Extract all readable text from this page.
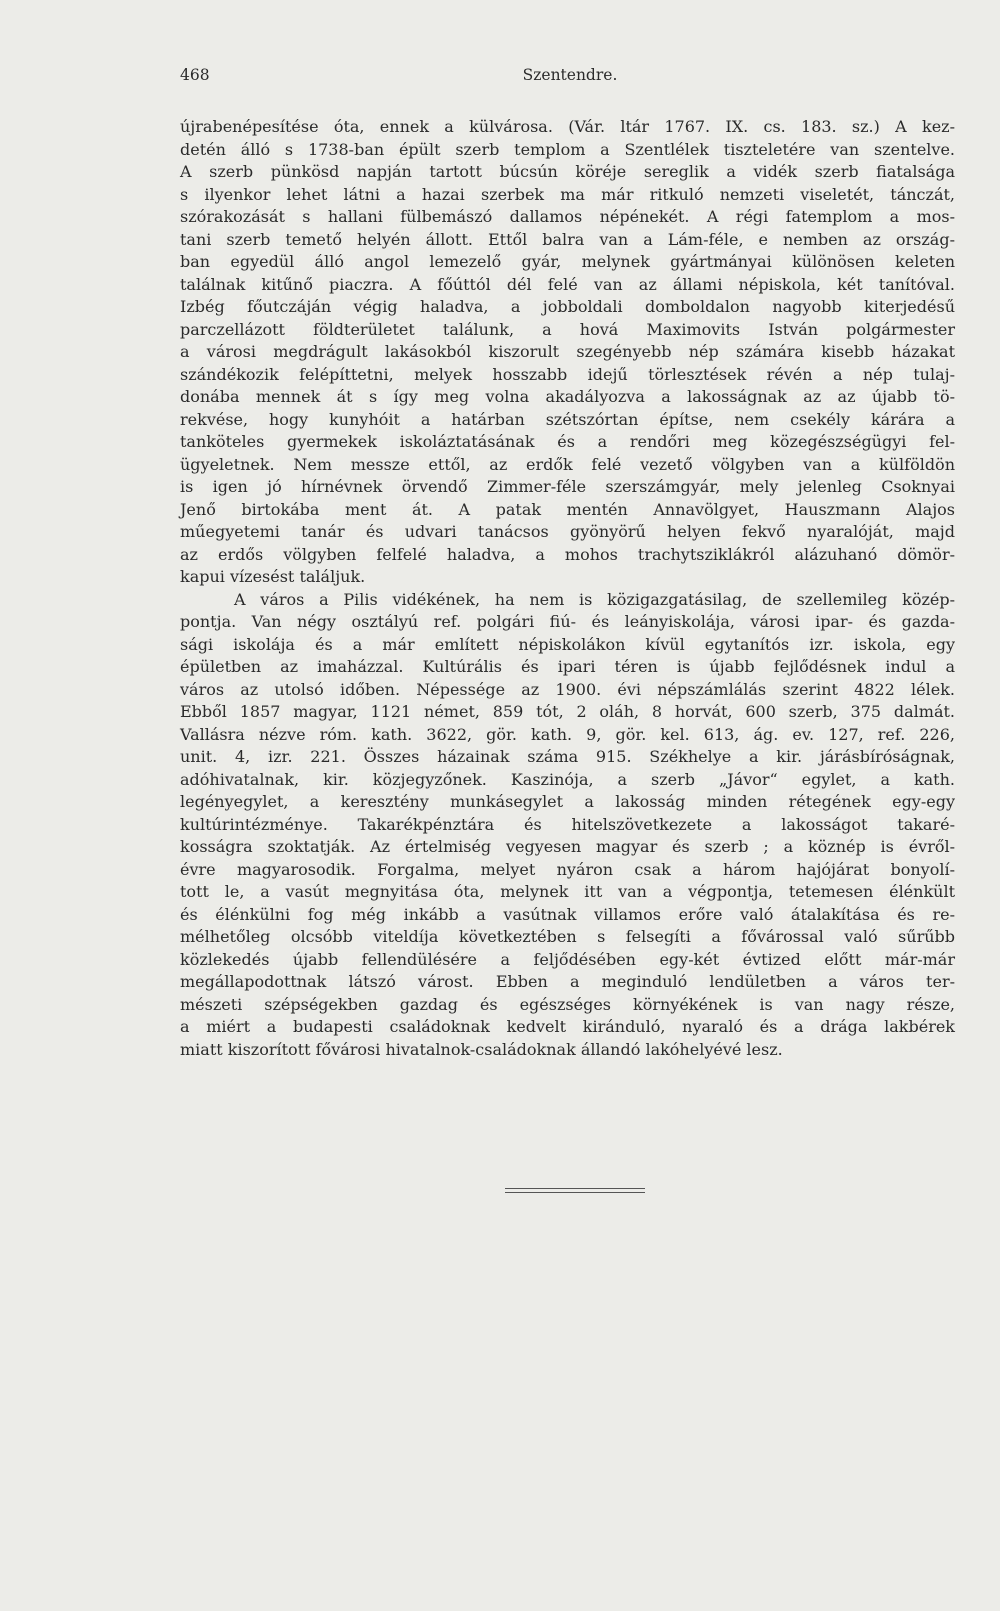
468	Szentendre.
újrabenépesítése óta, ennek a külvárosa. (Vár. ltár 1767. IX. cs. 183. sz.) A kez-
detén álló s 1738-ban épült szerb templom a Szentlélek tiszteletére van szentelve.
A szerb pünkösd napján tartott búcsún köréje sereglik a vidék szerb fiatalsága
s ilyenkor lehet látni a hazai szerbek ma már ritkuló nemzeti viseletét, tánczát,
szórakozását s hallani fülbemászó dallamos népénekét. A régi fatemplom a mos-
tani szerb temető helyén állott. Ettől balra van a Lám-féle, e nemben az ország-
ban egyedül álló angol lemezelő gyár, melynek gyártmányai különösen keleten
találnak kitűnő piaczra. A főúttól dél felé van az állami népiskola, két tanítóval.
Izbég főutczáján végig haladva, a jobboldali domboldalon nagyobb kiterjedésű
parczellázott földterületet találunk, a hová Maximovits István polgármester
a városi megdrágult lakásokból kiszorult szegényebb nép számára kisebb házakat
szándékozik felépíttetni, melyek hosszabb idejű törlesztések révén a nép tulaj-
donába mennek át s így meg volna akadályozva a lakosságnak az az újabb tö-
rekvése, hogy kunyhóit a határban szétszórtan építse, nem csekély kárára a
tanköteles gyermekek iskoláztatásának és a rendőri meg közegészségügyi fel-
ügyeletnek. Nem messze ettől, az erdők felé vezető völgyben van a külföldön
is igen jó hírnévnek örvendő Zimmer-féle szerszámgyár, mely jelenleg Csoknyai
Jenő birtokába ment át. A patak mentén Annavölgyet, Hauszmann Alajos
műegyetemi tanár és udvari tanácsos gyönyörű helyen fekvő nyaralóját, majd
az erdős völgyben felfelé haladva, a mohos trachytsziklákról alázuhanó dömör-
kapui vízesést találjuk.
A város a Pilis vidékének, ha nem is közigazgatásilag, de szellemileg közép-
pontja. Van négy osztályú ref. polgári fiú- és leányiskolája, városi ipar- és gazda-
sági iskolája és a már említett népiskolákon kívül egytanítós izr. iskola, egy
épületben az imaházzal. Kultúrális és ipari téren is újabb fejlődésnek indul a
város az utolsó időben. Népessége az 1900. évi népszámlálás szerint 4822 lélek.
Ebből 1857 magyar, 1121 német, 859 tót, 2 oláh, 8 horvát, 600 szerb, 375 dalmát.
Vallásra nézve róm. kath. 3622, gör. kath. 9, gör. kel. 613, ág. ev. 127, ref. 226,
unit. 4, izr. 221. Összes házainak száma 915. Székhelye a kir. járásbíróságnak,
adóhivatalnak, kir. közjegyzőnek. Kaszinója, a szerb „Jávor“ egylet, a kath.
legényegylet, a keresztény munkásegylet a lakosság minden rétegének egy-egy
kultúrintézménye. Takarékpénztára és hitelszövetkezete a lakosságot takaré-
kosságra szoktatják. Az értelmiség vegyesen magyar és szerb ; a köznép is évről-
évre magyarosodik. Forgalma, melyet nyáron csak a három hajójárat bonyolí-
tott le, a vasút megnyitása óta, melynek itt van a végpontja, tetemesen élénkült
és élénkülni fog még inkább a vasútnak villamos erőre való átalakítása és re-
mélhetőleg olcsóbb viteldíja következtében s felsegíti a fővárossal való sűrűbb
közlekedés újabb fellendülésére a feljődésében egy-két évtized előtt már-már
megállapodottnak látszó várost. Ebben a meginduló lendületben a város ter-
mészeti szépségekben gazdag és egészséges környékének is van nagy része,
a miért a budapesti családoknak kedvelt kiránduló, nyaraló és a drága lakbérek
miatt kiszorított fővárosi hivatalnok-családoknak állandó lakóhelyévé lesz.
